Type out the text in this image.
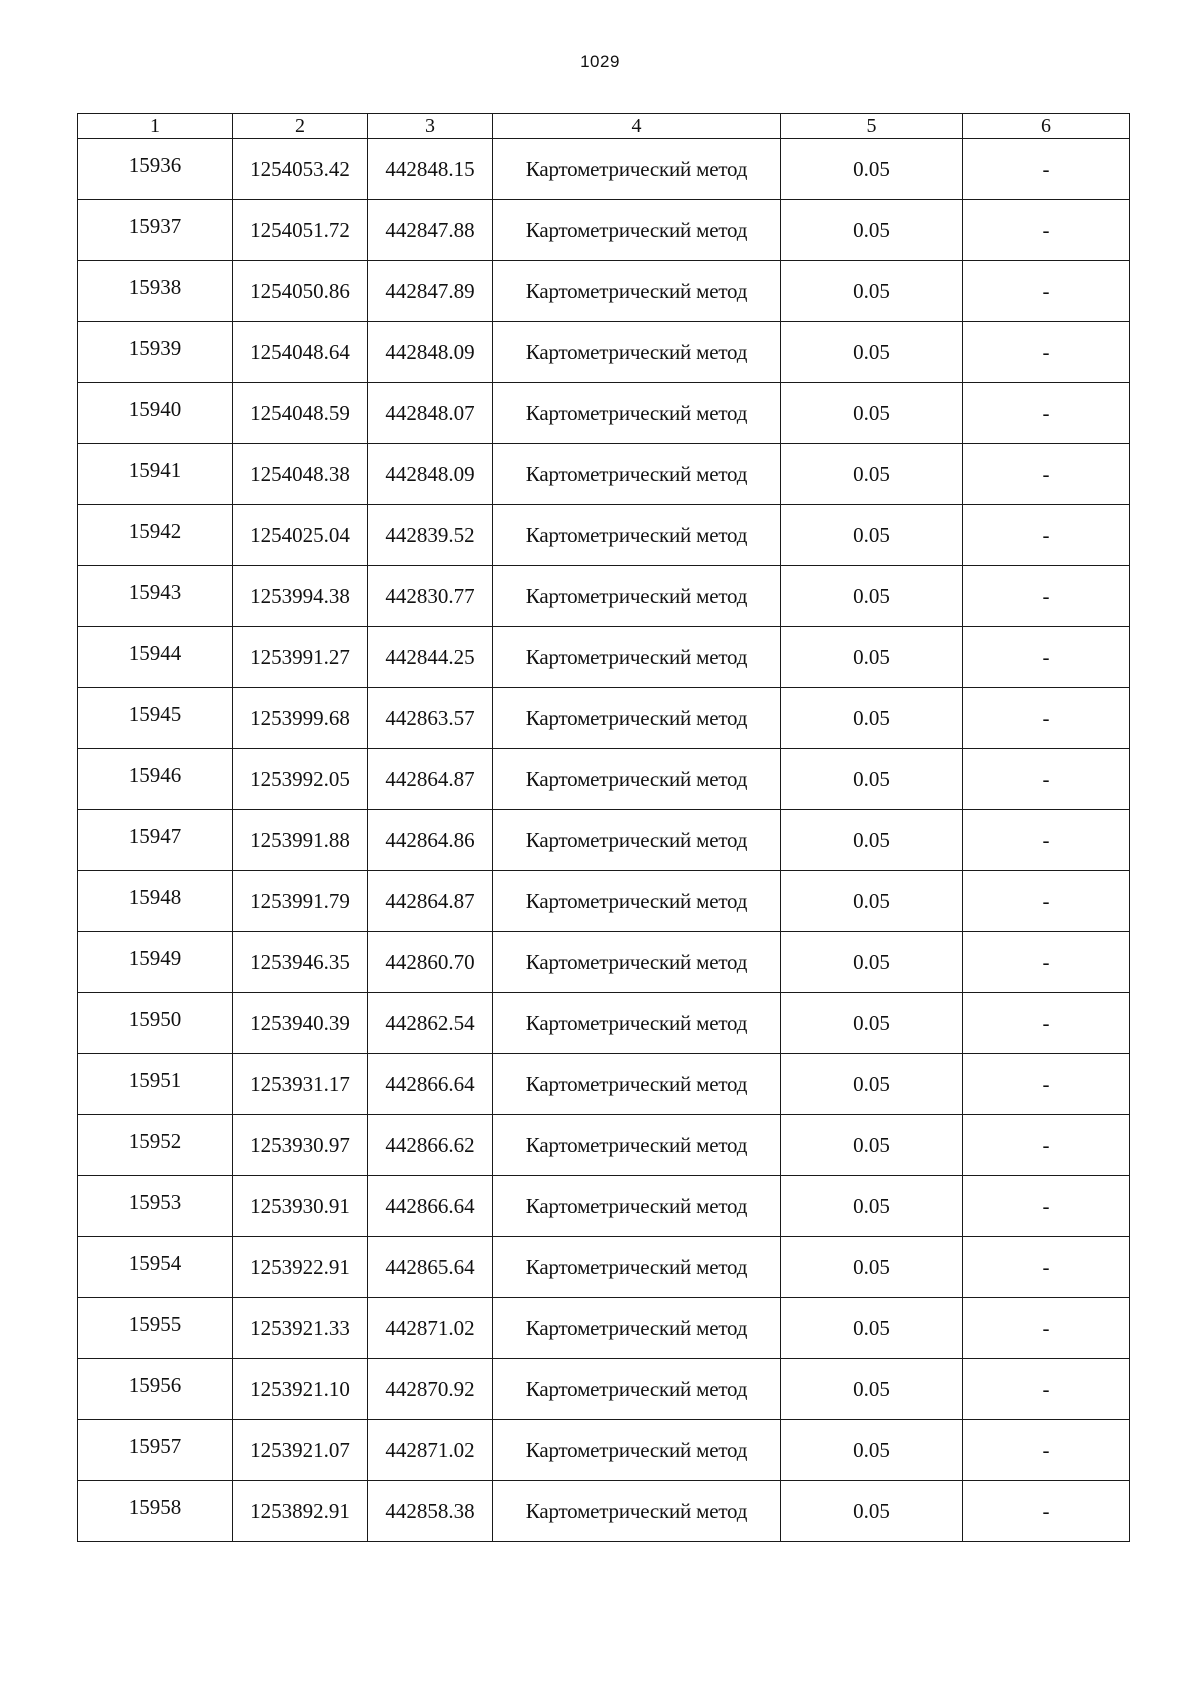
1029
1	2	3	4	5	6
15936	1254053.42	442848.15	Картометрический метод	0.05	-
15937	1254051.72	442847.88	Картометрический метод	0.05	-
15938	1254050.86	442847.89	Картометрический метод	0.05	-
15939	1254048.64	442848.09	Картометрический метод	0.05	-
15940	1254048.59	442848.07	Картометрический метод	0.05	-
15941	1254048.38	442848.09	Картометрический метод	0.05	-
15942	1254025.04	442839.52	Картометрический метод	0.05	-
15943	1253994.38	442830.77	Картометрический метод	0.05	-
15944	1253991.27	442844.25	Картометрический метод	0.05	-
15945	1253999.68	442863.57	Картометрический метод	0.05	-
15946	1253992.05	442864.87	Картометрический метод	0.05	-
15947	1253991.88	442864.86	Картометрический метод	0.05	-
15948	1253991.79	442864.87	Картометрический метод	0.05	-
15949	1253946.35	442860.70	Картометрический метод	0.05	-
15950	1253940.39	442862.54	Картометрический метод	0.05	-
15951	1253931.17	442866.64	Картометрический метод	0.05	-
15952	1253930.97	442866.62	Картометрический метод	0.05	-
15953	1253930.91	442866.64	Картометрический метод	0.05	-
15954	1253922.91	442865.64	Картометрический метод	0.05	-
15955	1253921.33	442871.02	Картометрический метод	0.05	-
15956	1253921.10	442870.92	Картометрический метод	0.05	-
15957	1253921.07	442871.02	Картометрический метод	0.05	-
15958	1253892.91	442858.38	Картометрический метод	0.05	-
